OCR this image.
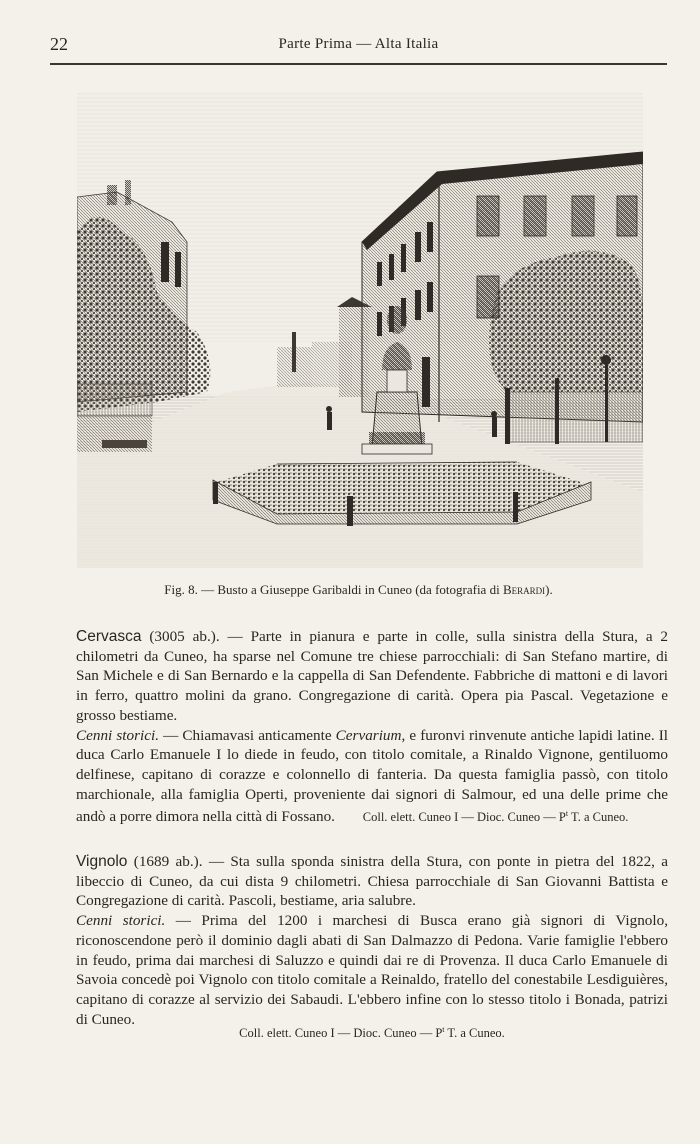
22	Parte Prima — Alta Italia
Fig. 8. — Busto a Giuseppe Garibaldi in Cuneo (da fotografia di Berardi).

Cervasca (3005 ab.). — Parte in pianura e parte in colle, sulla sinistra della Stura, a 2 chilometri da Cuneo, ha sparse nel Comune tre chiese parrocchiali: di San Stefano martire, di San Michele e di San Bernardo e la cappella di San Defendente. Fabbriche di mattoni e di lavori in ferro, quattro molini da grano. Congregazione di carità. Opera pia Pascal. Vegetazione e grosso bestiame.

Cenni storici. — Chiamavasi anticamente Cervarium, e furonvi rinvenute antiche lapidi latine. Il duca Carlo Emanuele I lo diede in feudo, con titolo comitale, a Rinaldo Vignone, gentiluomo delfinese, capitano di corazze e colonnello di fanteria. Da questa famiglia passò, con titolo marchionale, alla famiglia Operti, proveniente dai signori di Salmour, ed una delle prime che andò a porre dimora nella città di Fossano. Coll. elett. Cuneo I — Dioc. Cuneo — $P^t$ T. a Cuneo.

Vignolo (1689 ab.). — Sta sulla sponda sinistra della Stura, con ponte in pietra del 1822, a libeccio di Cuneo, da cui dista 9 chilometri. Chiesa parrocchiale di San Giovanni Battista e Congregazione di carità. Pascoli, bestiame, aria salubre.

Cenni storici. — Prima del 1200 i marchesi di Busca erano già signori di Vignolo, riconoscendone però il dominio dagli abati di San Dalmazzo di Pedona. Varie famiglie l'ebbero in feudo, prima dai marchesi di Saluzzo e quindi dai re di Provenza. Il duca Carlo Emanuele di Savoia concedè poi Vignolo con titolo comitale a Reinaldo, fratello del conestabile Lesdiguières, capitano di corazze al servizio dei Sabaudi. L'ebbero infine con lo stesso titolo i Bonada, patrizi di Cuneo.

Coll. elett. Cuneo I — Dioc. Cuneo — $P^t$ T. a Cuneo.
